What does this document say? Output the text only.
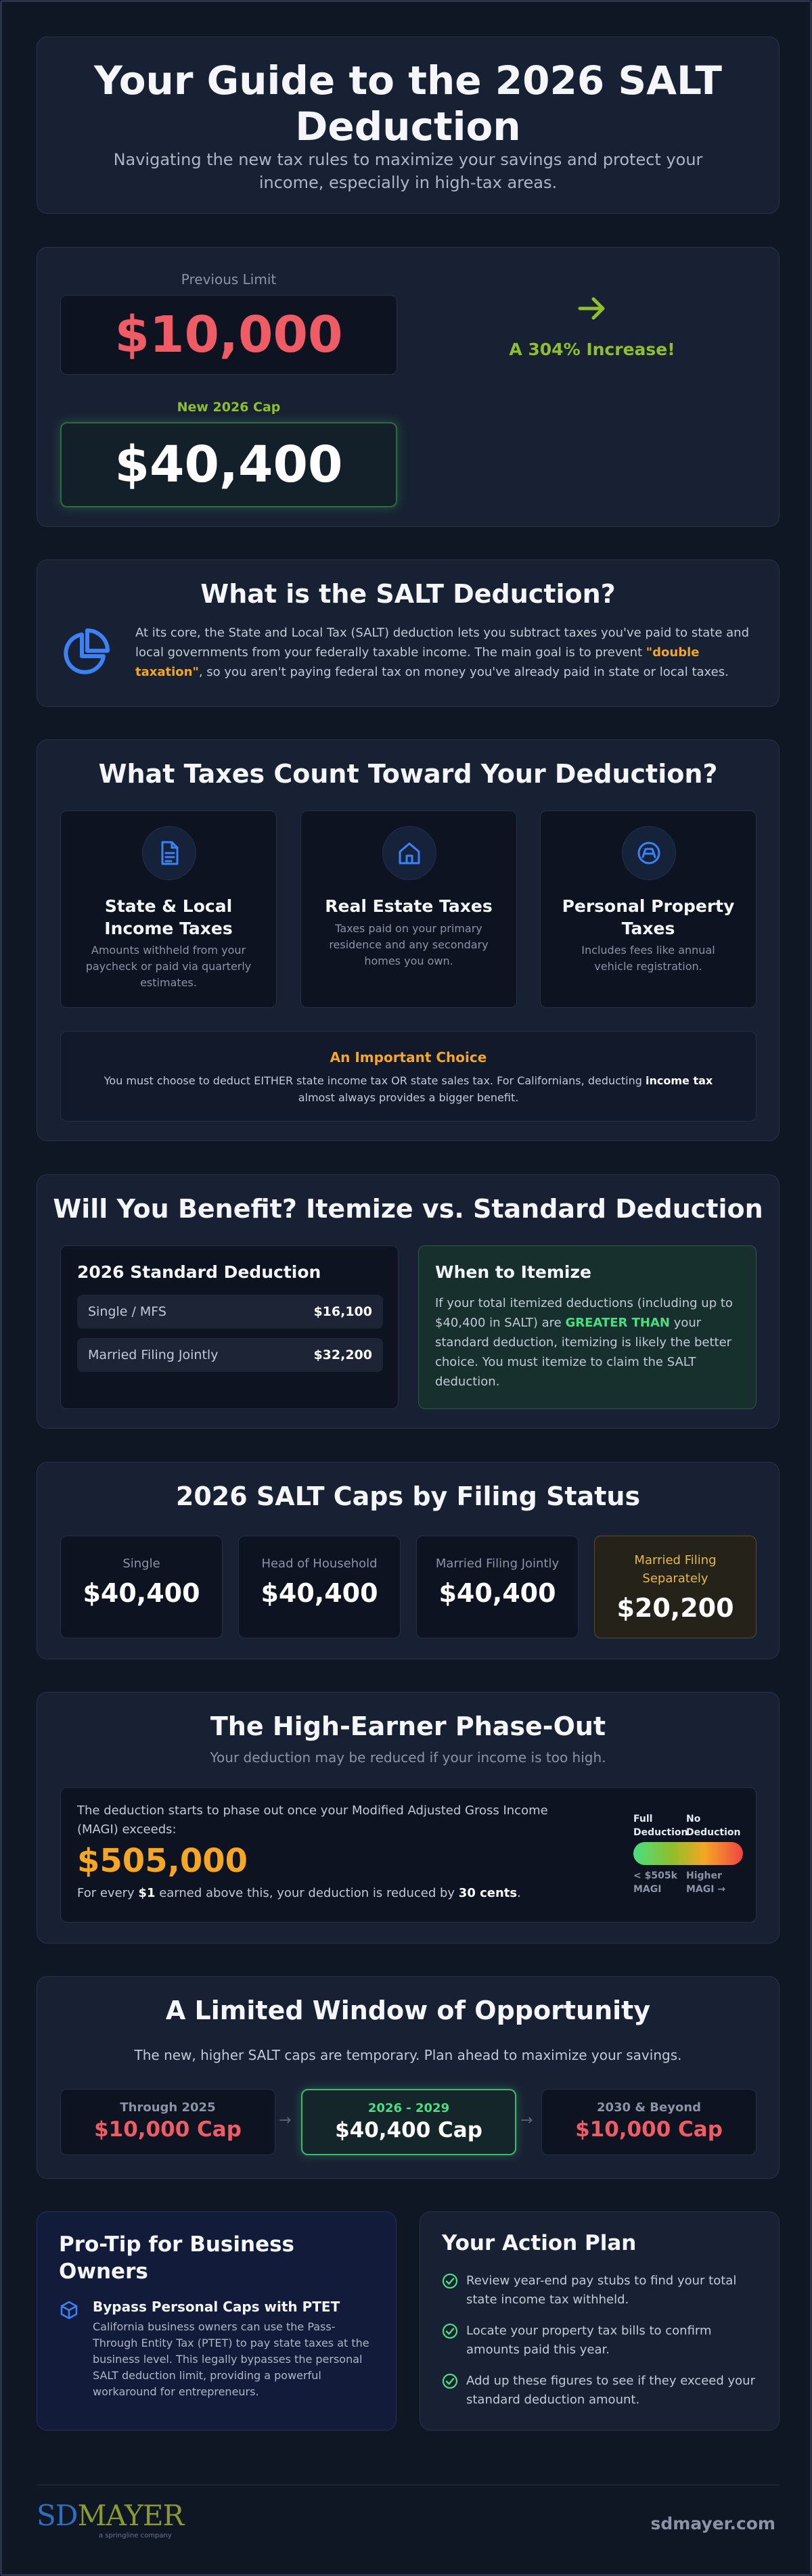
Your Guide to the 2026 SALT Deduction

Navigating the new tax rules to maximize your savings and protect your income, especially in high-tax areas.

Previous Limit
$10,000
New 2026 Cap
$40,400
A 304% Increase!
What is the SALT Deduction?

At its core, the State and Local Tax (SALT) deduction lets you subtract taxes you've paid to state and local governments from your federally taxable income. The main goal is to prevent "double taxation", so you aren't paying federal tax on money you've already paid in state or local taxes.

What Taxes Count Toward Your Deduction?
State & Local Income Taxes
Amounts withheld from your paycheck or paid via quarterly estimates.
Real Estate Taxes
Taxes paid on your primary residence and any secondary homes you own.
Personal Property Taxes
Includes fees like annual vehicle registration.
An Important Choice

You must choose to deduct EITHER state income tax OR state sales tax. For Californians, deducting income tax almost always provides a bigger benefit.

Will You Benefit? Itemize vs. Standard Deduction
2026 Standard Deduction
Single / MFS	$16,100
Married Filing Jointly	$32,200
When to Itemize

If your total itemized deductions (including up to $40,400 in SALT) are GREATER THAN your standard deduction, itemizing is likely the better choice. You must itemize to claim the SALT deduction.

2026 SALT Caps by Filing Status
Single
$40,400
Head of Household
$40,400
Married Filing Jointly
$40,400
Married Filing Separately
$20,200
The High-Earner Phase-Out
Your deduction may be reduced if your income is too high.

The deduction starts to phase out once your Modified Adjusted Gross Income (MAGI) exceeds:

$505,000

For every $1 earned above this, your deduction is reduced by 30 cents.

Full Deduction
No Deduction
< $505k MAGI
Higher MAGI →
A Limited Window of Opportunity
The new, higher SALT caps are temporary. Plan ahead to maximize your savings.
Through 2025
$10,000 Cap	→
2026 - 2029
$40,400 Cap	→
2030 & Beyond
$10,000 Cap
Pro-Tip for Business Owners
Bypass Personal Caps with PTET

California business owners can use the Pass-Through Entity Tax (PTET) to pay state taxes at the business level. This legally bypasses the personal SALT deduction limit, providing a powerful workaround for entrepreneurs.

Your Action Plan
Review year-end pay stubs to find your total state income tax withheld.
Locate your property tax bills to confirm amounts paid this year.
Add up these figures to see if they exceed your standard deduction amount.
SDMAYER
a springline company
sdmayer.com
